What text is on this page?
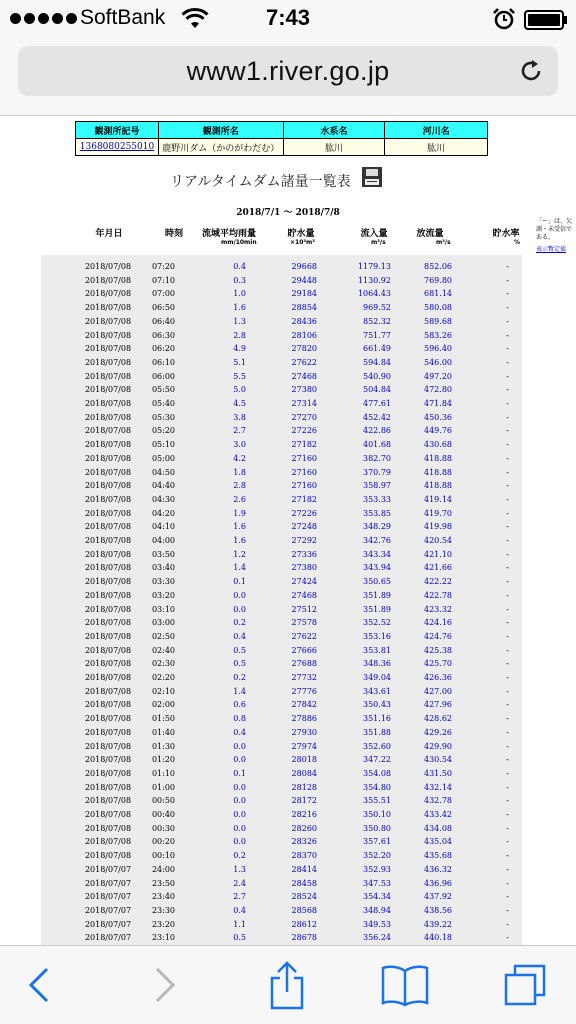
SoftBank	7:43
www1.river.go.jp
観測所記号	観測所名	水系名	河川名
1368080255010	鹿野川ダム（かのがわだむ）	肱川	肱川
リアルタイムダム諸量一覧表
2018/7/1 〜 2018/7/8
年月日	時刻	流域平均雨量	貯水量	流入量	放流量	貯水率
mm/10min	×10³m³	m³/s	m³/s	%
「ー」は、欠測・未受信である。
表示暫定値
2018/07/08	07:20	0.4	29668	1179.13	852.06	-
2018/07/08	07:10	0.3	29448	1130.92	769.80	-
2018/07/08	07:00	1.0	29184	1064.43	681.14	-
2018/07/08	06:50	1.6	28854	969.52	580.08	-
2018/07/08	06:40	1.3	28436	852.32	589.68	-
2018/07/08	06:30	2.8	28106	751.77	583.26	-
2018/07/08	06:20	4.9	27820	661.49	596.40	-
2018/07/08	06:10	5.1	27622	594.84	546.00	-
2018/07/08	06:00	5.5	27468	540.90	497.20	-
2018/07/08	05:50	5.0	27380	504.84	472.80	-
2018/07/08	05:40	4.5	27314	477.61	471.84	-
2018/07/08	05:30	3.8	27270	452.42	450.36	-
2018/07/08	05:20	2.7	27226	422.86	449.76	-
2018/07/08	05:10	3.0	27182	401.68	430.68	-
2018/07/08	05:00	4.2	27160	382.70	418.88	-
2018/07/08	04:50	1.8	27160	370.79	418.88	-
2018/07/08	04:40	2.8	27160	358.97	418.88	-
2018/07/08	04:30	2.6	27182	353.33	419.14	-
2018/07/08	04:20	1.9	27226	353.85	419.70	-
2018/07/08	04:10	1.6	27248	348.29	419.98	-
2018/07/08	04:00	1.6	27292	342.76	420.54	-
2018/07/08	03:50	1.2	27336	343.34	421.10	-
2018/07/08	03:40	1.4	27380	343.94	421.66	-
2018/07/08	03:30	0.1	27424	350.65	422.22	-
2018/07/08	03:20	0.0	27468	351.89	422.78	-
2018/07/08	03:10	0.0	27512	351.89	423.32	-
2018/07/08	03:00	0.2	27578	352.52	424.16	-
2018/07/08	02:50	0.4	27622	353.16	424.76	-
2018/07/08	02:40	0.5	27666	353.81	425.38	-
2018/07/08	02:30	0.5	27688	348.36	425.70	-
2018/07/08	02:20	0.2	27732	349.04	426.36	-
2018/07/08	02:10	1.4	27776	343.61	427.00	-
2018/07/08	02:00	0.6	27842	350.43	427.96	-
2018/07/08	01:50	0.8	27886	351.16	428.62	-
2018/07/08	01:40	0.4	27930	351.88	429.26	-
2018/07/08	01:30	0.0	27974	352.60	429.90	-
2018/07/08	01:20	0.0	28018	347.22	430.54	-
2018/07/08	01:10	0.1	28084	354.08	431.50	-
2018/07/08	01:00	0.0	28128	354.80	432.14	-
2018/07/08	00:50	0.0	28172	355.51	432.78	-
2018/07/08	00:40	0.0	28216	350.10	433.42	-
2018/07/08	00:30	0.0	28260	350.80	434.08	-
2018/07/08	00:20	0.0	28326	357.61	435.04	-
2018/07/08	00:10	0.2	28370	352.20	435.68	-
2018/07/07	24:00	1.3	28414	352.93	436.32	-
2018/07/07	23:50	2.4	28458	347.53	436.96	-
2018/07/07	23:40	2.7	28524	354.34	437.92	-
2018/07/07	23:30	0.4	28568	348.94	438.56	-
2018/07/07	23:20	1.1	28612	349.53	439.22	-
2018/07/07	23:10	0.5	28678	356.24	440.18	-
